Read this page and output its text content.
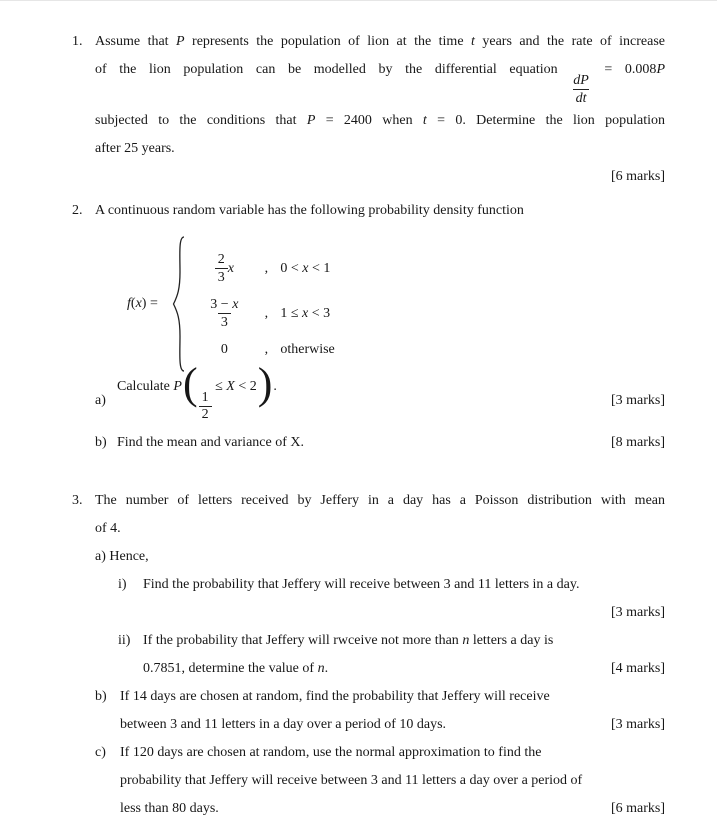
1. Assume that P represents the population of lion at the time t years and the rate of increase
of the lion population can be modelled by the differential equation
$\frac{dP}{dt}$
= 0.008P
subjected to the conditions that P = 2400 when t = 0. Determine the lion population
after 25 years.
[6 marks]
2. A continuous random variable has the following probability density function
f(x) =
$\frac{2}{3}$ x	, 0 < x < 1
$\frac{3 - x}{3}$	, 1 ≤ x < 3
0	, otherwise
a)
Calculate $P( \frac{1}{2}$
≤ X < 2).
[3 marks]
b) Find the mean and variance of X.	[8 marks]
3. The number of letters received by Jeffery in a day has a Poisson distribution with mean
of 4.
a) Hence,
i)	Find the probability that Jeffery will receive between 3 and 11 letters in a day.
[3 marks]
ii) If the probability that Jeffery will rwceive not more than n letters a day is
0.7851, determine the value of n.	[4 marks]
b) If 14 days are chosen at random, find the probability that Jeffery will receive
between 3 and 11 letters in a day over a period of 10 days.	[3 marks]
c)	If 120 days are chosen at random, use the normal approximation to find the
probability that Jeffery will receive between 3 and 11 letters a day over a period of
less than 80 days.	[6 marks]
